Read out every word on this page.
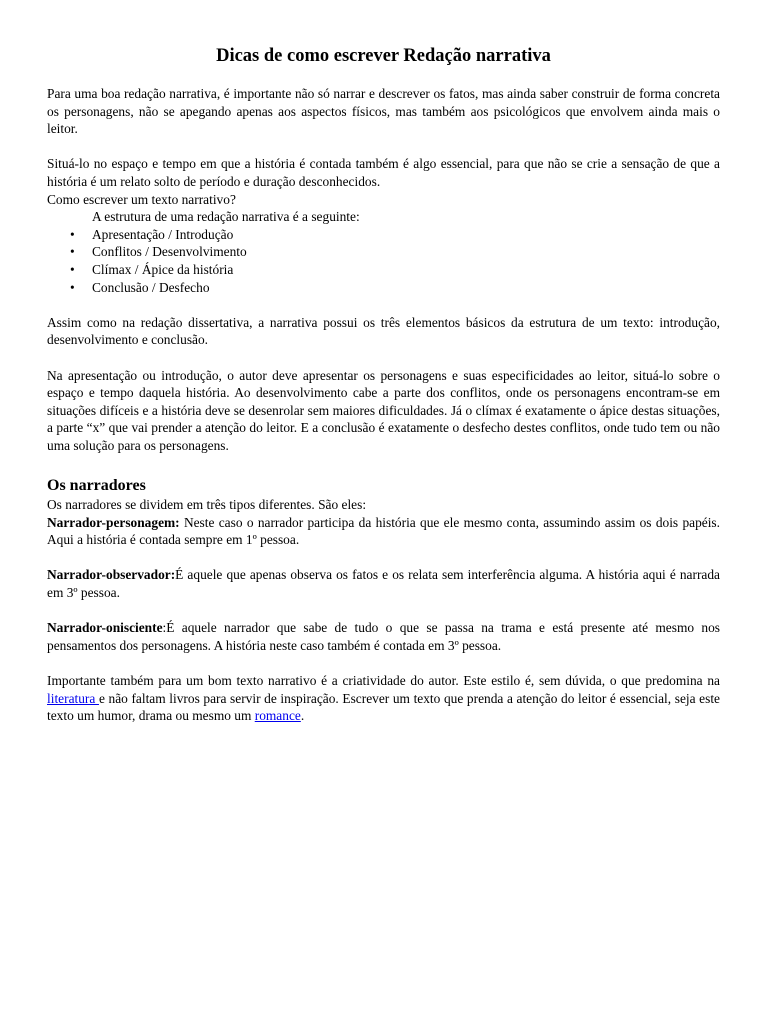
Dicas de como escrever Redação narrativa

Para uma boa redação narrativa, é importante não só narrar e descrever os fatos, mas ainda saber construir de forma concreta os personagens, não se apegando apenas aos aspectos físicos, mas também aos psicológicos que envolvem ainda mais o leitor.

Situá-lo no espaço e tempo em que a história é contada também é algo essencial, para que não se crie a sensação de que a história é um relato solto de período e duração desconhecidos.

Como escrever um texto narrativo?

A estrutura de uma redação narrativa é a seguinte:

• Apresentação / Introdução
• Conflitos / Desenvolvimento
• Clímax / Ápice da história
• Conclusão / Desfecho

Assim como na redação dissertativa, a narrativa possui os três elementos básicos da estrutura de um texto: introdução, desenvolvimento e conclusão.

Na apresentação ou introdução, o autor deve apresentar os personagens e suas especificidades ao leitor, situá-lo sobre o espaço e tempo daquela história. Ao desenvolvimento cabe a parte dos conflitos, onde os personagens encontram-se em situações difíceis e a história deve se desenrolar sem maiores dificuldades. Já o clímax é exatamente o ápice destas situações, a parte “x” que vai prender a atenção do leitor. E a conclusão é exatamente o desfecho destes conflitos, onde tudo tem ou não uma solução para os personagens.

Os narradores

Os narradores se dividem em três tipos diferentes. São eles:

Narrador-personagem: Neste caso o narrador participa da história que ele mesmo conta, assumindo assim os dois papéis. Aqui a história é contada sempre em 1º pessoa.

Narrador-observador:É aquele que apenas observa os fatos e os relata sem interferência alguma. A história aqui é narrada em 3º pessoa.

Narrador-onisciente:É aquele narrador que sabe de tudo o que se passa na trama e está presente até mesmo nos pensamentos dos personagens. A história neste caso também é contada em 3º pessoa.

Importante também para um bom texto narrativo é a criatividade do autor. Este estilo é, sem dúvida, o que predomina na literatura e não faltam livros para servir de inspiração. Escrever um texto que prenda a atenção do leitor é essencial, seja este texto um humor, drama ou mesmo um romance.
